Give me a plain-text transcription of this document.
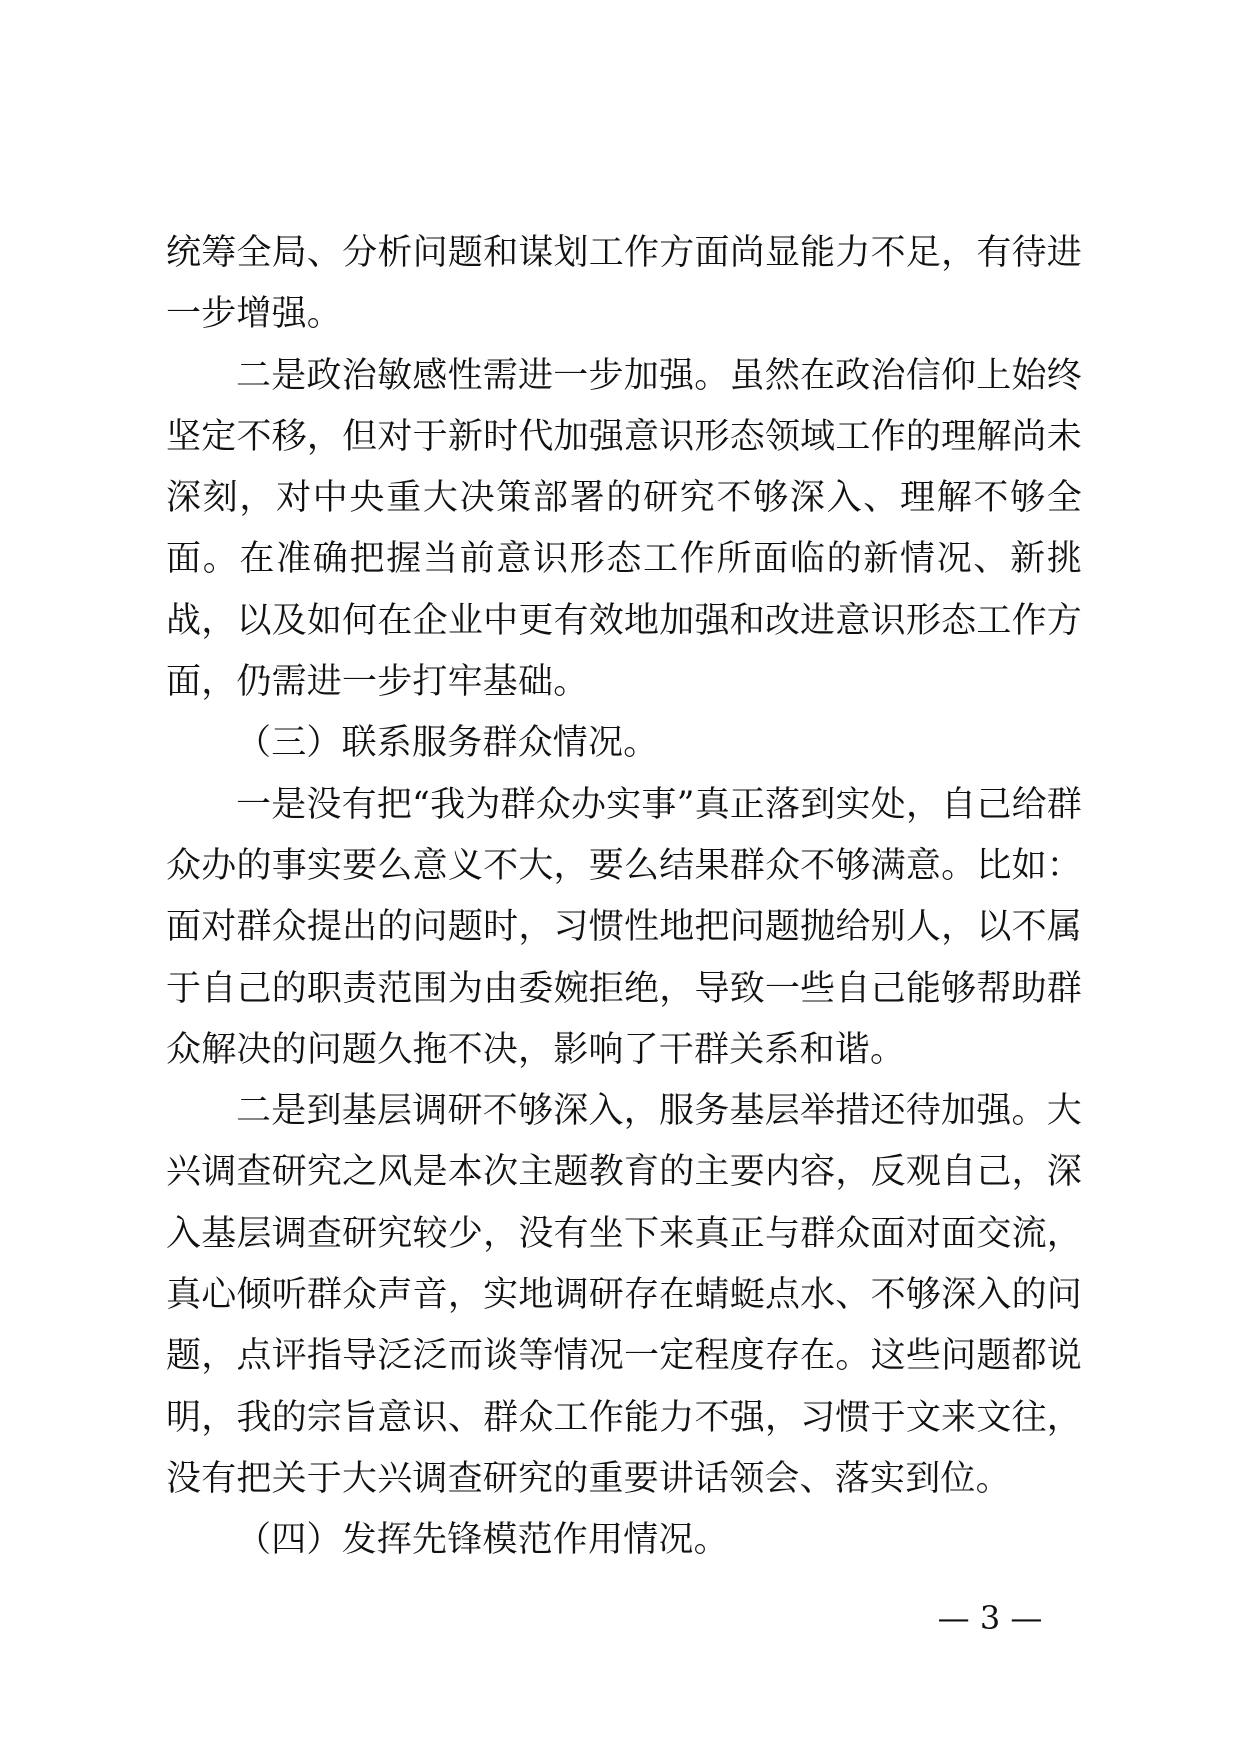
统筹全局、分析问题和谋划工作方面尚显能力不足，有待进一步增强。

二是政治敏感性需进一步加强。虽然在政治信仰上始终坚定不移，但对于新时代加强意识形态领域工作的理解尚未深刻，对中央重大决策部署的研究不够深入、理解不够全面。在准确把握当前意识形态工作所面临的新情况、新挑战，以及如何在企业中更有效地加强和改进意识形态工作方面，仍需进一步打牢基础。

（三）联系服务群众情况。

一是没有把“我为群众办实事”真正落到实处，自己给群众办的事实要么意义不大，要么结果群众不够满意。比如：面对群众提出的问题时，习惯性地把问题抛给别人，以不属于自己的职责范围为由委婉拒绝，导致一些自己能够帮助群众解决的问题久拖不决，影响了干群关系和谐。

二是到基层调研不够深入，服务基层举措还待加强。大兴调查研究之风是本次主题教育的主要内容，反观自己，深入基层调查研究较少，没有坐下来真正与群众面对面交流，真心倾听群众声音，实地调研存在蜻蜓点水、不够深入的问题，点评指导泛泛而谈等情况一定程度存在。这些问题都说明，我的宗旨意识、群众工作能力不强，习惯于文来文往，没有把关于大兴调查研究的重要讲话领会、落实到位。

（四）发挥先锋模范作用情况。

— 3 —
